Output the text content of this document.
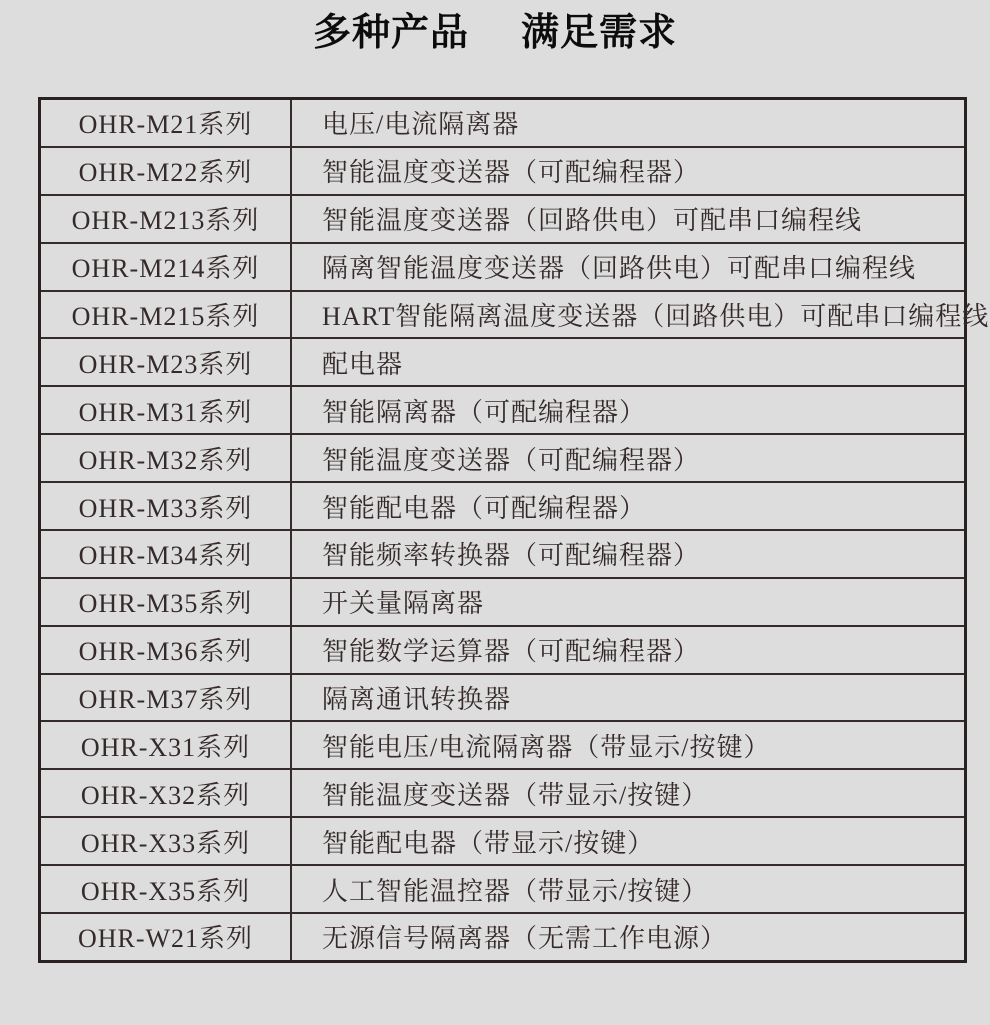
多种产品 满足需求
OHR-M21系列	电压/电流隔离器
OHR-M22系列	智能温度变送器（可配编程器）
OHR-M213系列	智能温度变送器（回路供电）可配串口编程线
OHR-M214系列	隔离智能温度变送器（回路供电）可配串口编程线
OHR-M215系列	HART智能隔离温度变送器（回路供电）可配串口编程线
OHR-M23系列	配电器
OHR-M31系列	智能隔离器（可配编程器）
OHR-M32系列	智能温度变送器（可配编程器）
OHR-M33系列	智能配电器（可配编程器）
OHR-M34系列	智能频率转换器（可配编程器）
OHR-M35系列	开关量隔离器
OHR-M36系列	智能数学运算器（可配编程器）
OHR-M37系列	隔离通讯转换器
OHR-X31系列	智能电压/电流隔离器（带显示/按键）
OHR-X32系列	智能温度变送器（带显示/按键）
OHR-X33系列	智能配电器（带显示/按键）
OHR-X35系列	人工智能温控器（带显示/按键）
OHR-W21系列	无源信号隔离器（无需工作电源）
